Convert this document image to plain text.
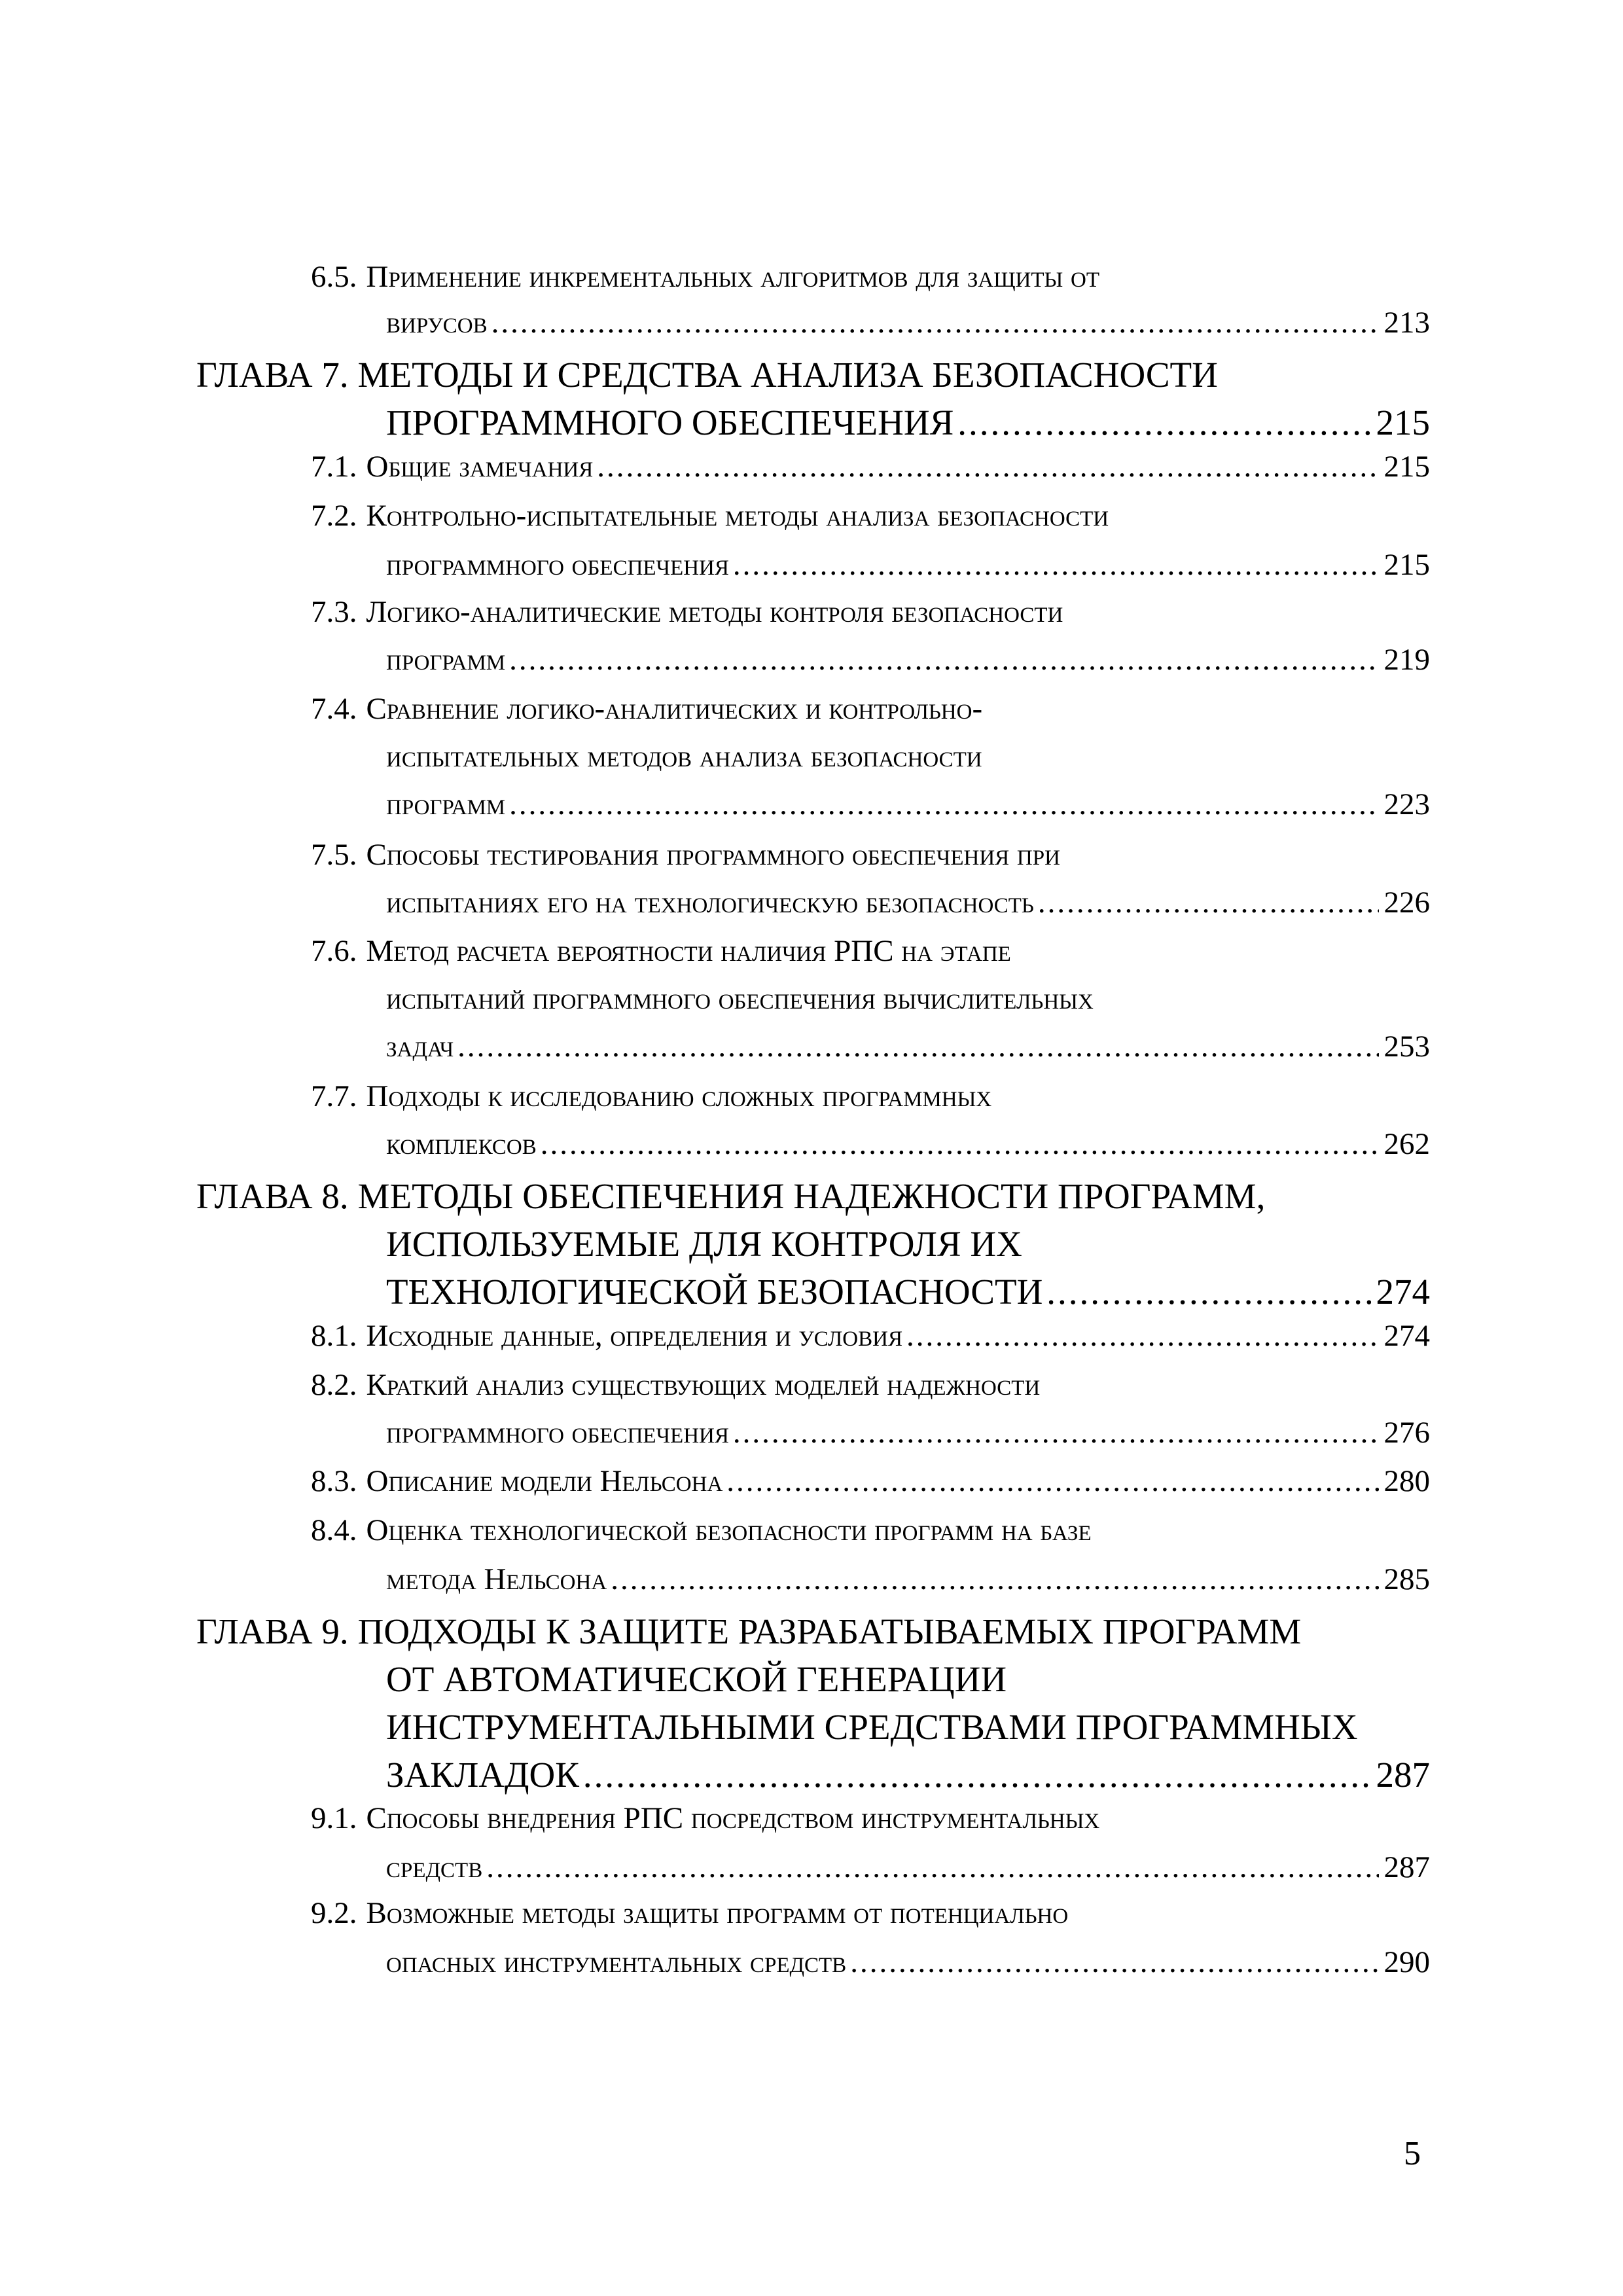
6.5. Применение инкрементальных алгоритмов для защиты от
вирусов .....	213
ГЛАВА 7. МЕТОДЫ И СРЕДСТВА АНАЛИЗА БЕЗОПАСНОСТИ
ПРОГРАММНОГО ОБЕСПЕЧЕНИЯ .....	215
7.1. Общие замечания .....	215
7.2. Контрольно-испытательные методы анализа безопасности
программного обеспечения .....	215
7.3. Логико-аналитические методы контроля безопасности
программ .....	219
7.4. Сравнение логико-аналитических и контрольно-
испытательных методов анализа безопасности
программ .....	223
7.5. Способы тестирования программного обеспечения при
испытаниях его на технологическую безопасность .....	226
7.6. Метод расчета вероятности наличия РПС на этапе
испытаний программного обеспечения вычислительных
задач .....	253
7.7. Подходы к исследованию сложных программных
комплексов .....	262
ГЛАВА 8. МЕТОДЫ ОБЕСПЕЧЕНИЯ НАДЕЖНОСТИ ПРОГРАММ,
ИСПОЛЬЗУЕМЫЕ ДЛЯ КОНТРОЛЯ ИХ
ТЕХНОЛОГИЧЕСКОЙ БЕЗОПАСНОСТИ .....	274
8.1. Исходные данные, определения и условия .....	274
8.2. Краткий анализ существующих моделей надежности
программного обеспечения .....	276
8.3. Описание модели Нельсона .....	280
8.4. Оценка технологической безопасности программ на базе
метода Нельсона .....	285
ГЛАВА 9. ПОДХОДЫ К ЗАЩИТЕ РАЗРАБАТЫВАЕМЫХ ПРОГРАММ
ОТ АВТОМАТИЧЕСКОЙ ГЕНЕРАЦИИ
ИНСТРУМЕНТАЛЬНЫМИ СРЕДСТВАМИ ПРОГРАММНЫХ
ЗАКЛАДОК .....	287
9.1. Способы внедрения РПС посредством инструментальных
средств .....	287
9.2. Возможные методы защиты программ от потенциально
опасных инструментальных средств .....	290
5
